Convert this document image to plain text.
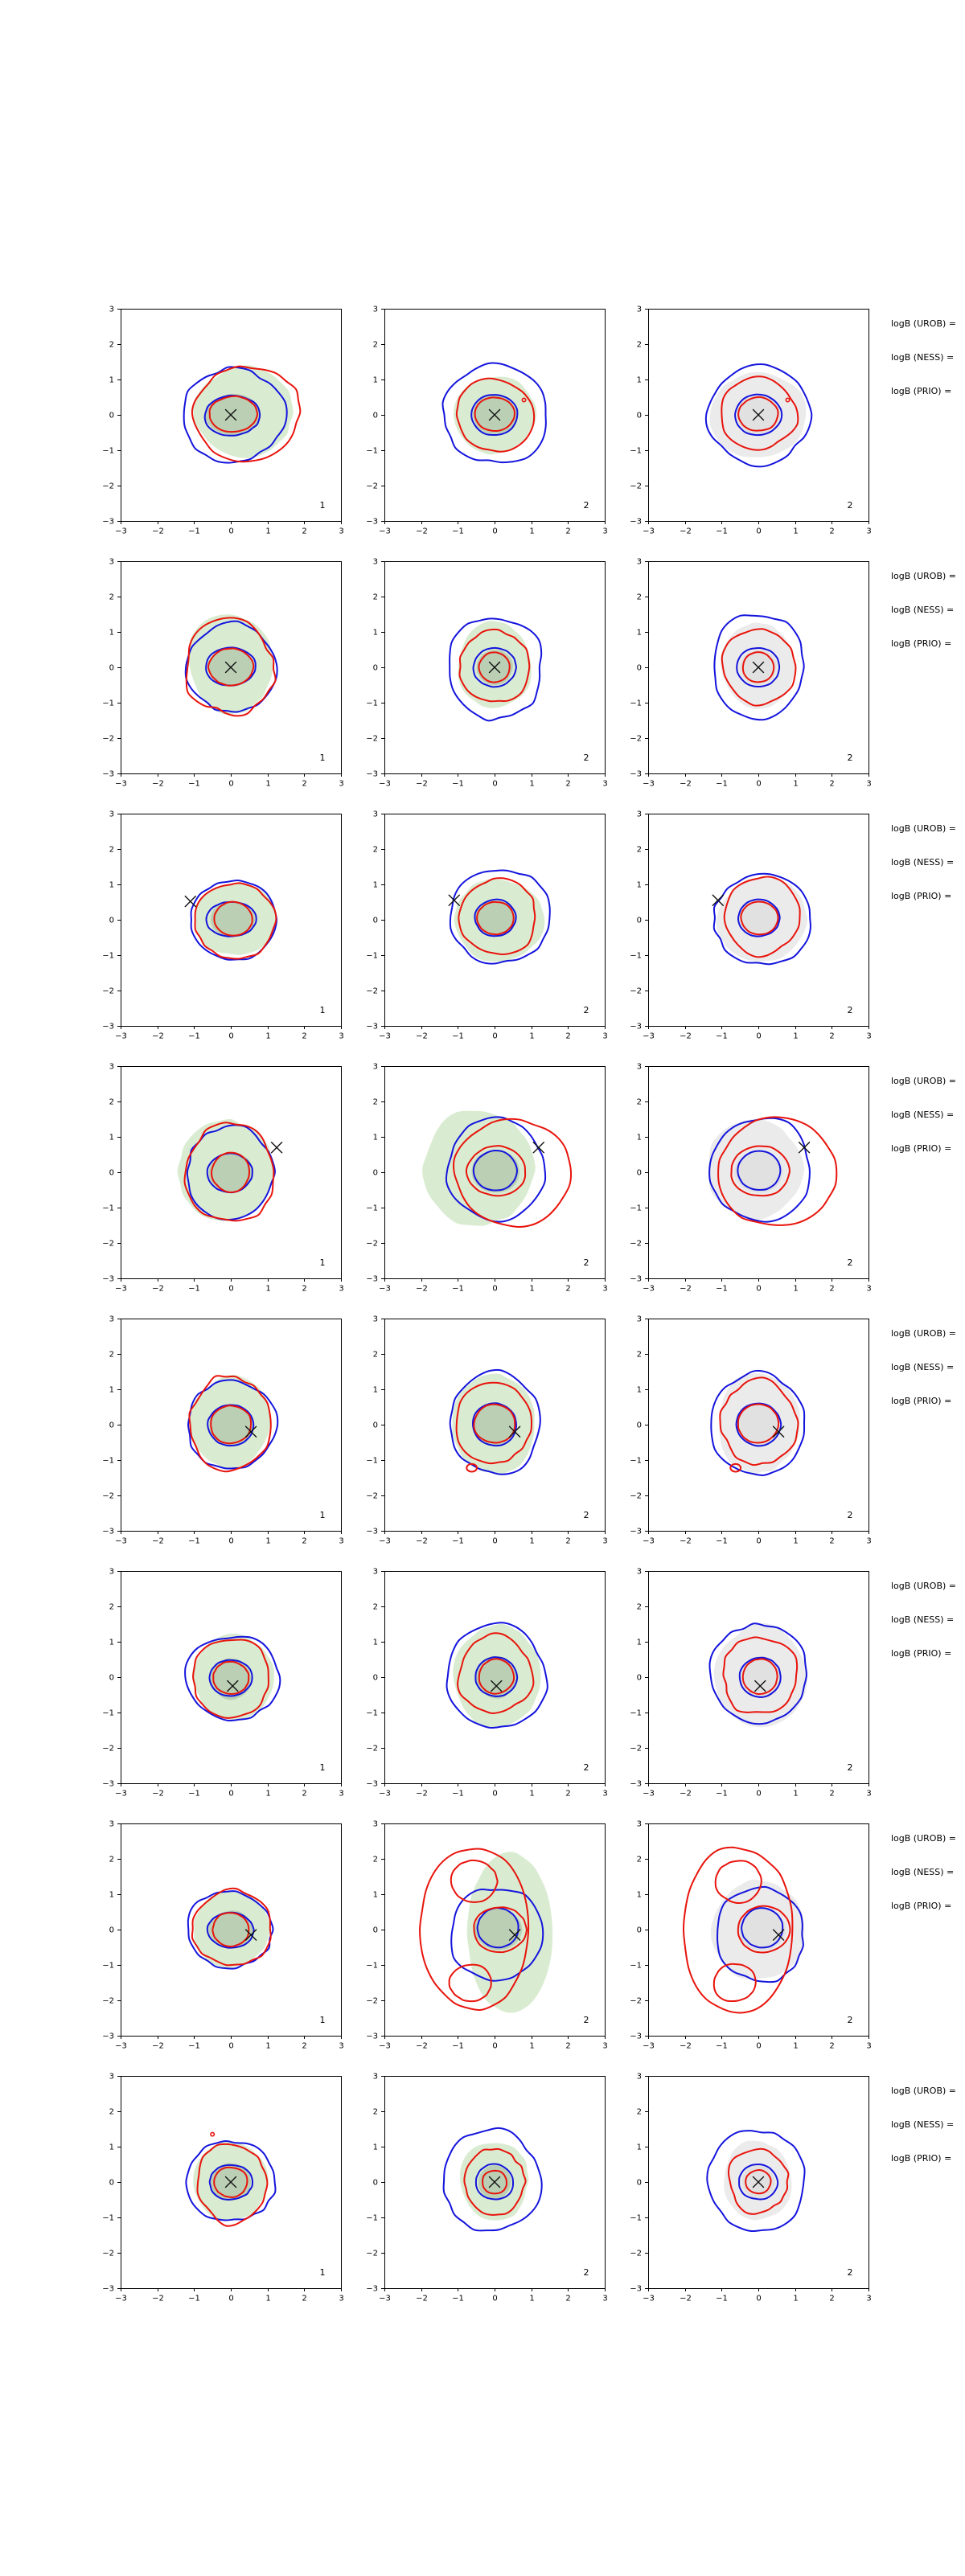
−3
−3
−2
−2
−1
−1
0
0
1
1
2
2
3
3
1
−3
−3
−2
−2
−1
−1
0
0
1
1
2
2
3
3
2
−3
−3
−2
−2
−1
−1
0
0
1
1
2
2
3
3
2
logB (UROB) =
logB (NESS) =
logB (PRIO) =
−3
−3
−2
−2
−1
−1
0
0
1
1
2
2
3
3
1
−3
−3
−2
−2
−1
−1
0
0
1
1
2
2
3
3
2
−3
−3
−2
−2
−1
−1
0
0
1
1
2
2
3
3
2
logB (UROB) =
logB (NESS) =
logB (PRIO) =
−3
−3
−2
−2
−1
−1
0
0
1
1
2
2
3
3
1
−3
−3
−2
−2
−1
−1
0
0
1
1
2
2
3
3
2
−3
−3
−2
−2
−1
−1
0
0
1
1
2
2
3
3
2
logB (UROB) =
logB (NESS) =
logB (PRIO) =
−3
−3
−2
−2
−1
−1
0
0
1
1
2
2
3
3
1
−3
−3
−2
−2
−1
−1
0
0
1
1
2
2
3
3
2
−3
−3
−2
−2
−1
−1
0
0
1
1
2
2
3
3
2
logB (UROB) =
logB (NESS) =
logB (PRIO) =
−3
−3
−2
−2
−1
−1
0
0
1
1
2
2
3
3
1
−3
−3
−2
−2
−1
−1
0
0
1
1
2
2
3
3
2
−3
−3
−2
−2
−1
−1
0
0
1
1
2
2
3
3
2
logB (UROB) =
logB (NESS) =
logB (PRIO) =
−3
−3
−2
−2
−1
−1
0
0
1
1
2
2
3
3
1
−3
−3
−2
−2
−1
−1
0
0
1
1
2
2
3
3
2
−3
−3
−2
−2
−1
−1
0
0
1
1
2
2
3
3
2
logB (UROB) =
logB (NESS) =
logB (PRIO) =
−3
−3
−2
−2
−1
−1
0
0
1
1
2
2
3
3
1
−3
−3
−2
−2
−1
−1
0
0
1
1
2
2
3
3
2
−3
−3
−2
−2
−1
−1
0
0
1
1
2
2
3
3
2
logB (UROB) =
logB (NESS) =
logB (PRIO) =
−3
−3
−2
−2
−1
−1
0
0
1
1
2
2
3
3
1
−3
−3
−2
−2
−1
−1
0
0
1
1
2
2
3
3
2
−3
−3
−2
−2
−1
−1
0
0
1
1
2
2
3
3
2
logB (UROB) =
logB (NESS) =
logB (PRIO) =
